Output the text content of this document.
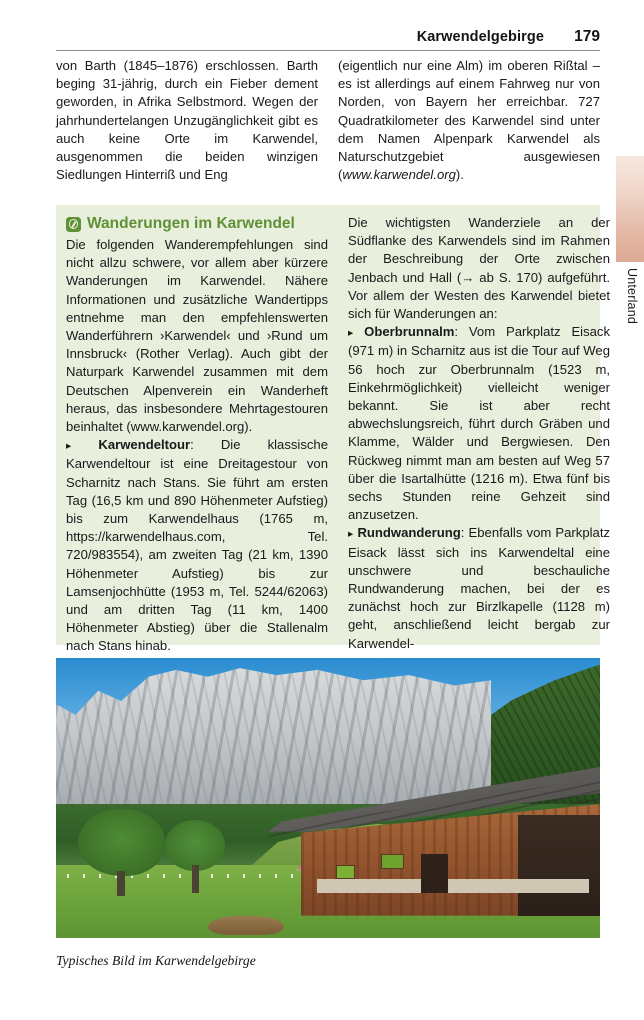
Karwendelgebirge 179
Unterland

von Barth (1845–1876) erschlossen. Barth beging 31-jährig, durch ein Fieber dement geworden, in Afrika Selbstmord. Wegen der jahrhundertelangen Unzugänglichkeit gibt es auch keine Orte im Karwendel, ausgenommen die beiden winzigen Siedlungen Hinterriß und Eng

(eigentlich nur eine Alm) im oberen Rißtal – es ist allerdings auf einem Fahrweg nur von Norden, von Bayern her erreichbar. 727 Quadratkilometer des Karwendel sind unter dem Namen Alpenpark Karwendel als Naturschutzgebiet ausgewiesen (www.karwendel.org).

Wanderungen im Karwendel

Die folgenden Wanderempfehlungen sind nicht allzu schwere, vor allem aber kürzere Wanderungen im Karwendel. Nähere Informationen und zusätzliche Wandertipps entnehme man den empfehlenswerten Wanderführern ›Karwendel‹ und ›Rund um Innsbruck‹ (Rother Verlag). Auch gibt der Naturpark Karwendel zusammen mit dem Deutschen Alpenverein ein Wanderheft heraus, das insbesondere Mehrtagestouren beinhaltet (www.karwendel.org).

▸ Karwendeltour: Die klassische Karwendeltour ist eine Dreitagestour von Scharnitz nach Stans. Sie führt am ersten Tag (16,5 km und 890 Höhenmeter Aufstieg) bis zum Karwendelhaus (1765 m, https://karwendelhaus.com, Tel. 720/983554), am zweiten Tag (21 km, 1390 Höhenmeter Aufstieg) bis zur Lamsenjochhütte (1953 m, Tel. 5244/62063) und am dritten Tag (11 km, 1400 Höhenmeter Abstieg) über die Stallenalm nach Stans hinab.

Die wichtigsten Wanderziele an der Südflanke des Karwendels sind im Rahmen der Beschreibung der Orte zwischen Jenbach und Hall (→ ab S. 170) aufgeführt. Vor allem der Westen des Karwendel bietet sich für Wanderungen an:

▸ Oberbrunnalm: Vom Parkplatz Eisack (971 m) in Scharnitz aus ist die Tour auf Weg 56 hoch zur Oberbrunnalm (1523 m, Einkehrmöglichkeit) vielleicht weniger bekannt. Sie ist aber recht abwechslungsreich, führt durch Gräben und Klamme, Wälder und Bergwiesen. Den Rückweg nimmt man am besten auf Weg 57 über die Isartalhütte (1216 m). Etwa fünf bis sechs Stunden reine Gehzeit sind anzusetzen.

▸ Rundwanderung: Ebenfalls vom Parkplatz Eisack lässt sich ins Karwendeltal eine unschwere und beschauliche Rundwanderung machen, bei der es zunächst hoch zur Birzlkapelle (1128 m) geht, anschließend leicht bergab zur Karwendel-

Typisches Bild im Karwendelgebirge
